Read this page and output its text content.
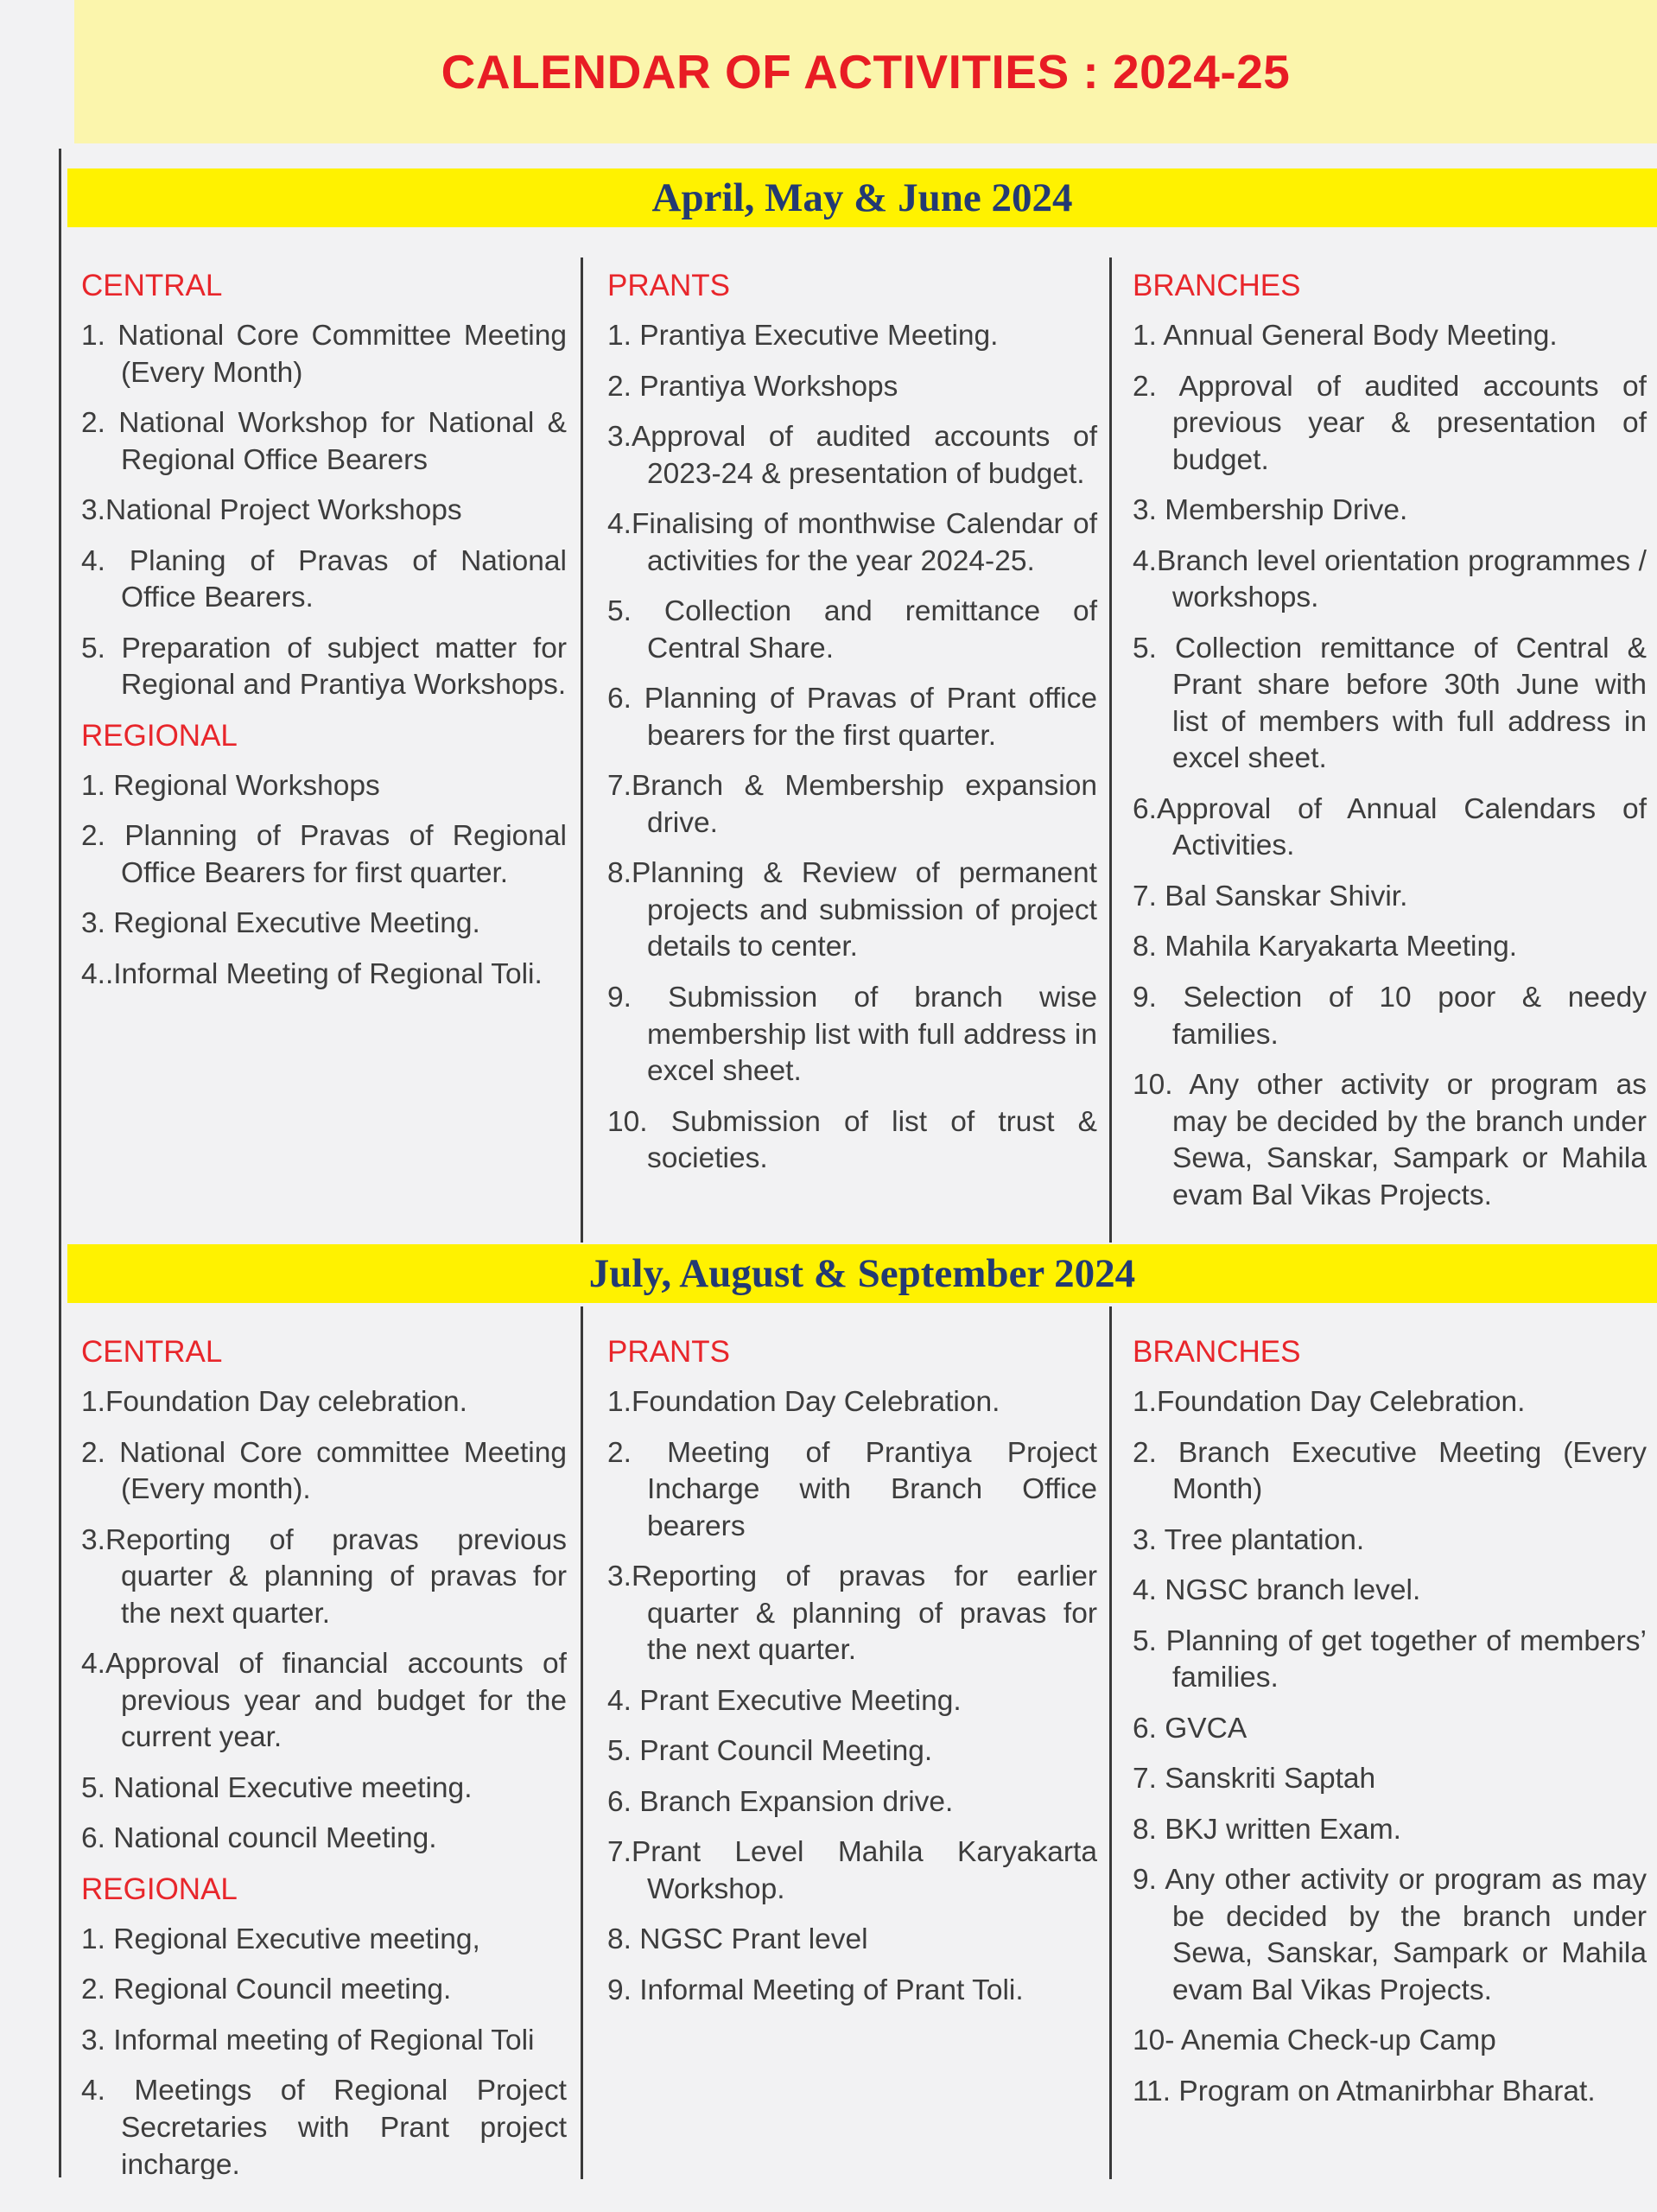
CALENDAR OF ACTIVITIES : 2024-25
April, May & June 2024
CENTRAL
1. National Core Committee Meeting (Every Month)
2. National Workshop for National & Regional Office Bearers
3.National Project Workshops
4. Planing of Pravas of National Office Bearers.
5. Preparation of subject matter for Regional and Prantiya Workshops.
REGIONAL
1. Regional Workshops
2. Planning of Pravas of Regional Office Bearers for first quarter.
3. Regional Executive Meeting.
4..Informal Meeting of Regional Toli.
PRANTS
1. Prantiya Executive Meeting.
2. Prantiya Workshops
3.Approval of audited accounts of 2023-24 & presentation of budget.
4.Finalising of monthwise Calendar of activities for the year 2024-25.
5. Collection and remittance of Central Share.
6. Planning of Pravas of Prant office bearers for the first quarter.
7.Branch & Membership expansion drive.
8.Planning & Review of permanent projects and submission of project details to center.
9. Submission of branch wise membership list with full address in excel sheet.
10. Submission of list of trust & societies.
BRANCHES
1. Annual General Body Meeting.
2. Approval of audited accounts of previous year & presentation of budget.
3. Membership Drive.
4.Branch level orientation programmes / workshops.
5. Collection remittance of Central & Prant share before 30th June with list of members with full address in excel sheet.
6.Approval of Annual Calendars of Activities.
7. Bal Sanskar Shivir.
8. Mahila Karyakarta Meeting.
9. Selection of 10 poor & needy families.
10. Any other activity or program as may be decided by the branch under Sewa, Sanskar, Sampark or Mahila evam Bal Vikas Projects.
July, August & September 2024
CENTRAL
1.Foundation Day celebration.
2. National Core committee Meeting (Every month).
3.Reporting of pravas previous quarter & planning of pravas for the next quarter.
4.Approval of financial accounts of previous year and budget for the current year.
5. National Executive meeting.
6. National council Meeting.
REGIONAL
1. Regional Executive meeting,
2. Regional Council meeting.
3. Informal meeting of Regional Toli
4. Meetings of Regional Project Secretaries with Prant project incharge.
PRANTS
1.Foundation Day Celebration.
2. Meeting of Prantiya Project Incharge with Branch Office bearers
3.Reporting of pravas for earlier quarter & planning of pravas for the next quarter.
4. Prant Executive Meeting.
5. Prant Council Meeting.
6. Branch Expansion drive.
7.Prant Level Mahila Karyakarta Workshop.
8. NGSC Prant level
9. Informal Meeting of Prant Toli.
BRANCHES
1.Foundation Day Celebration.
2. Branch Executive Meeting (Every Month)
3. Tree plantation.
4. NGSC branch level.
5. Planning of get together of members’ families.
6. GVCA
7. Sanskriti Saptah
8. BKJ written Exam.
9. Any other activity or program as may be decided by the branch under Sewa, Sanskar, Sampark or Mahila evam Bal Vikas Projects.
10- Anemia Check-up Camp
11. Program on Atmanirbhar Bharat.
